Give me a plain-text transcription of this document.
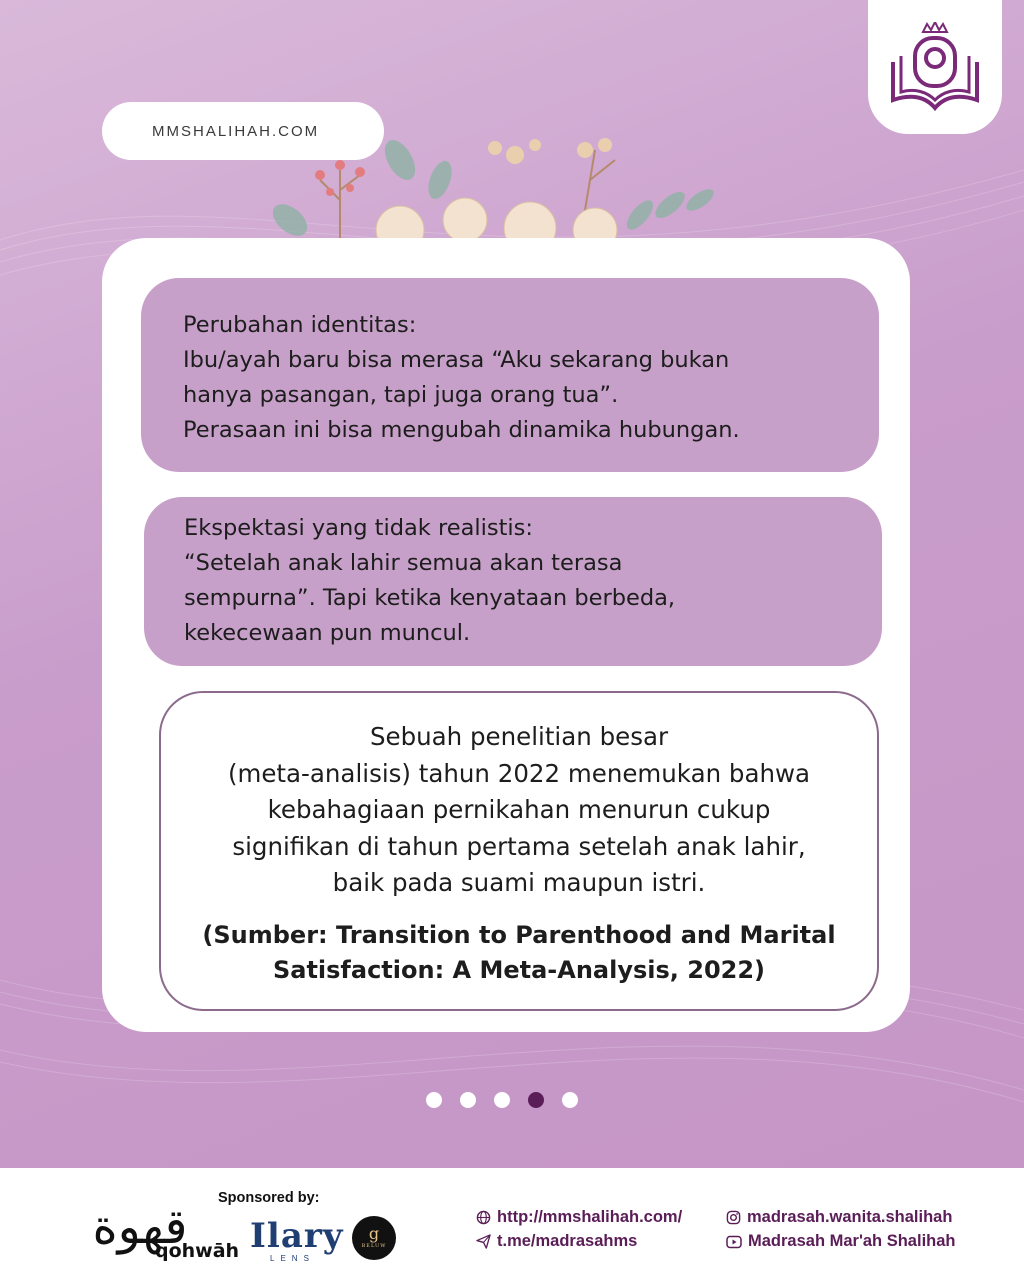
MMSHALIHAH.COM

Perubahan identitas:

Ibu/ayah baru bisa merasa “Aku sekarang bukan

hanya pasangan, tapi juga orang tua”.

Perasaan ini bisa mengubah dinamika hubungan.

Ekspektasi yang tidak realistis:

“Setelah anak lahir semua akan terasa

sempurna”. Tapi ketika kenyataan berbeda,

kekecewaan pun muncul.

Sebuah penelitian besar
(meta-analisis) tahun 2022 menemukan bahwa
kebahagiaan pernikahan menurun cukup
signifikan di tahun pertama setelah anak lahir,
baik pada suami maupun istri.
(Sumber: Transition to Parenthood and Marital
Satisfaction: A Meta-Analysis, 2022)
قهوة
qohwāh
Sponsored by:
Ilary
LENS
g
BELUW
http://mmshalihah.com/
t.me/madrasahms
madrasah.wanita.shalihah
Madrasah Mar'ah Shalihah
